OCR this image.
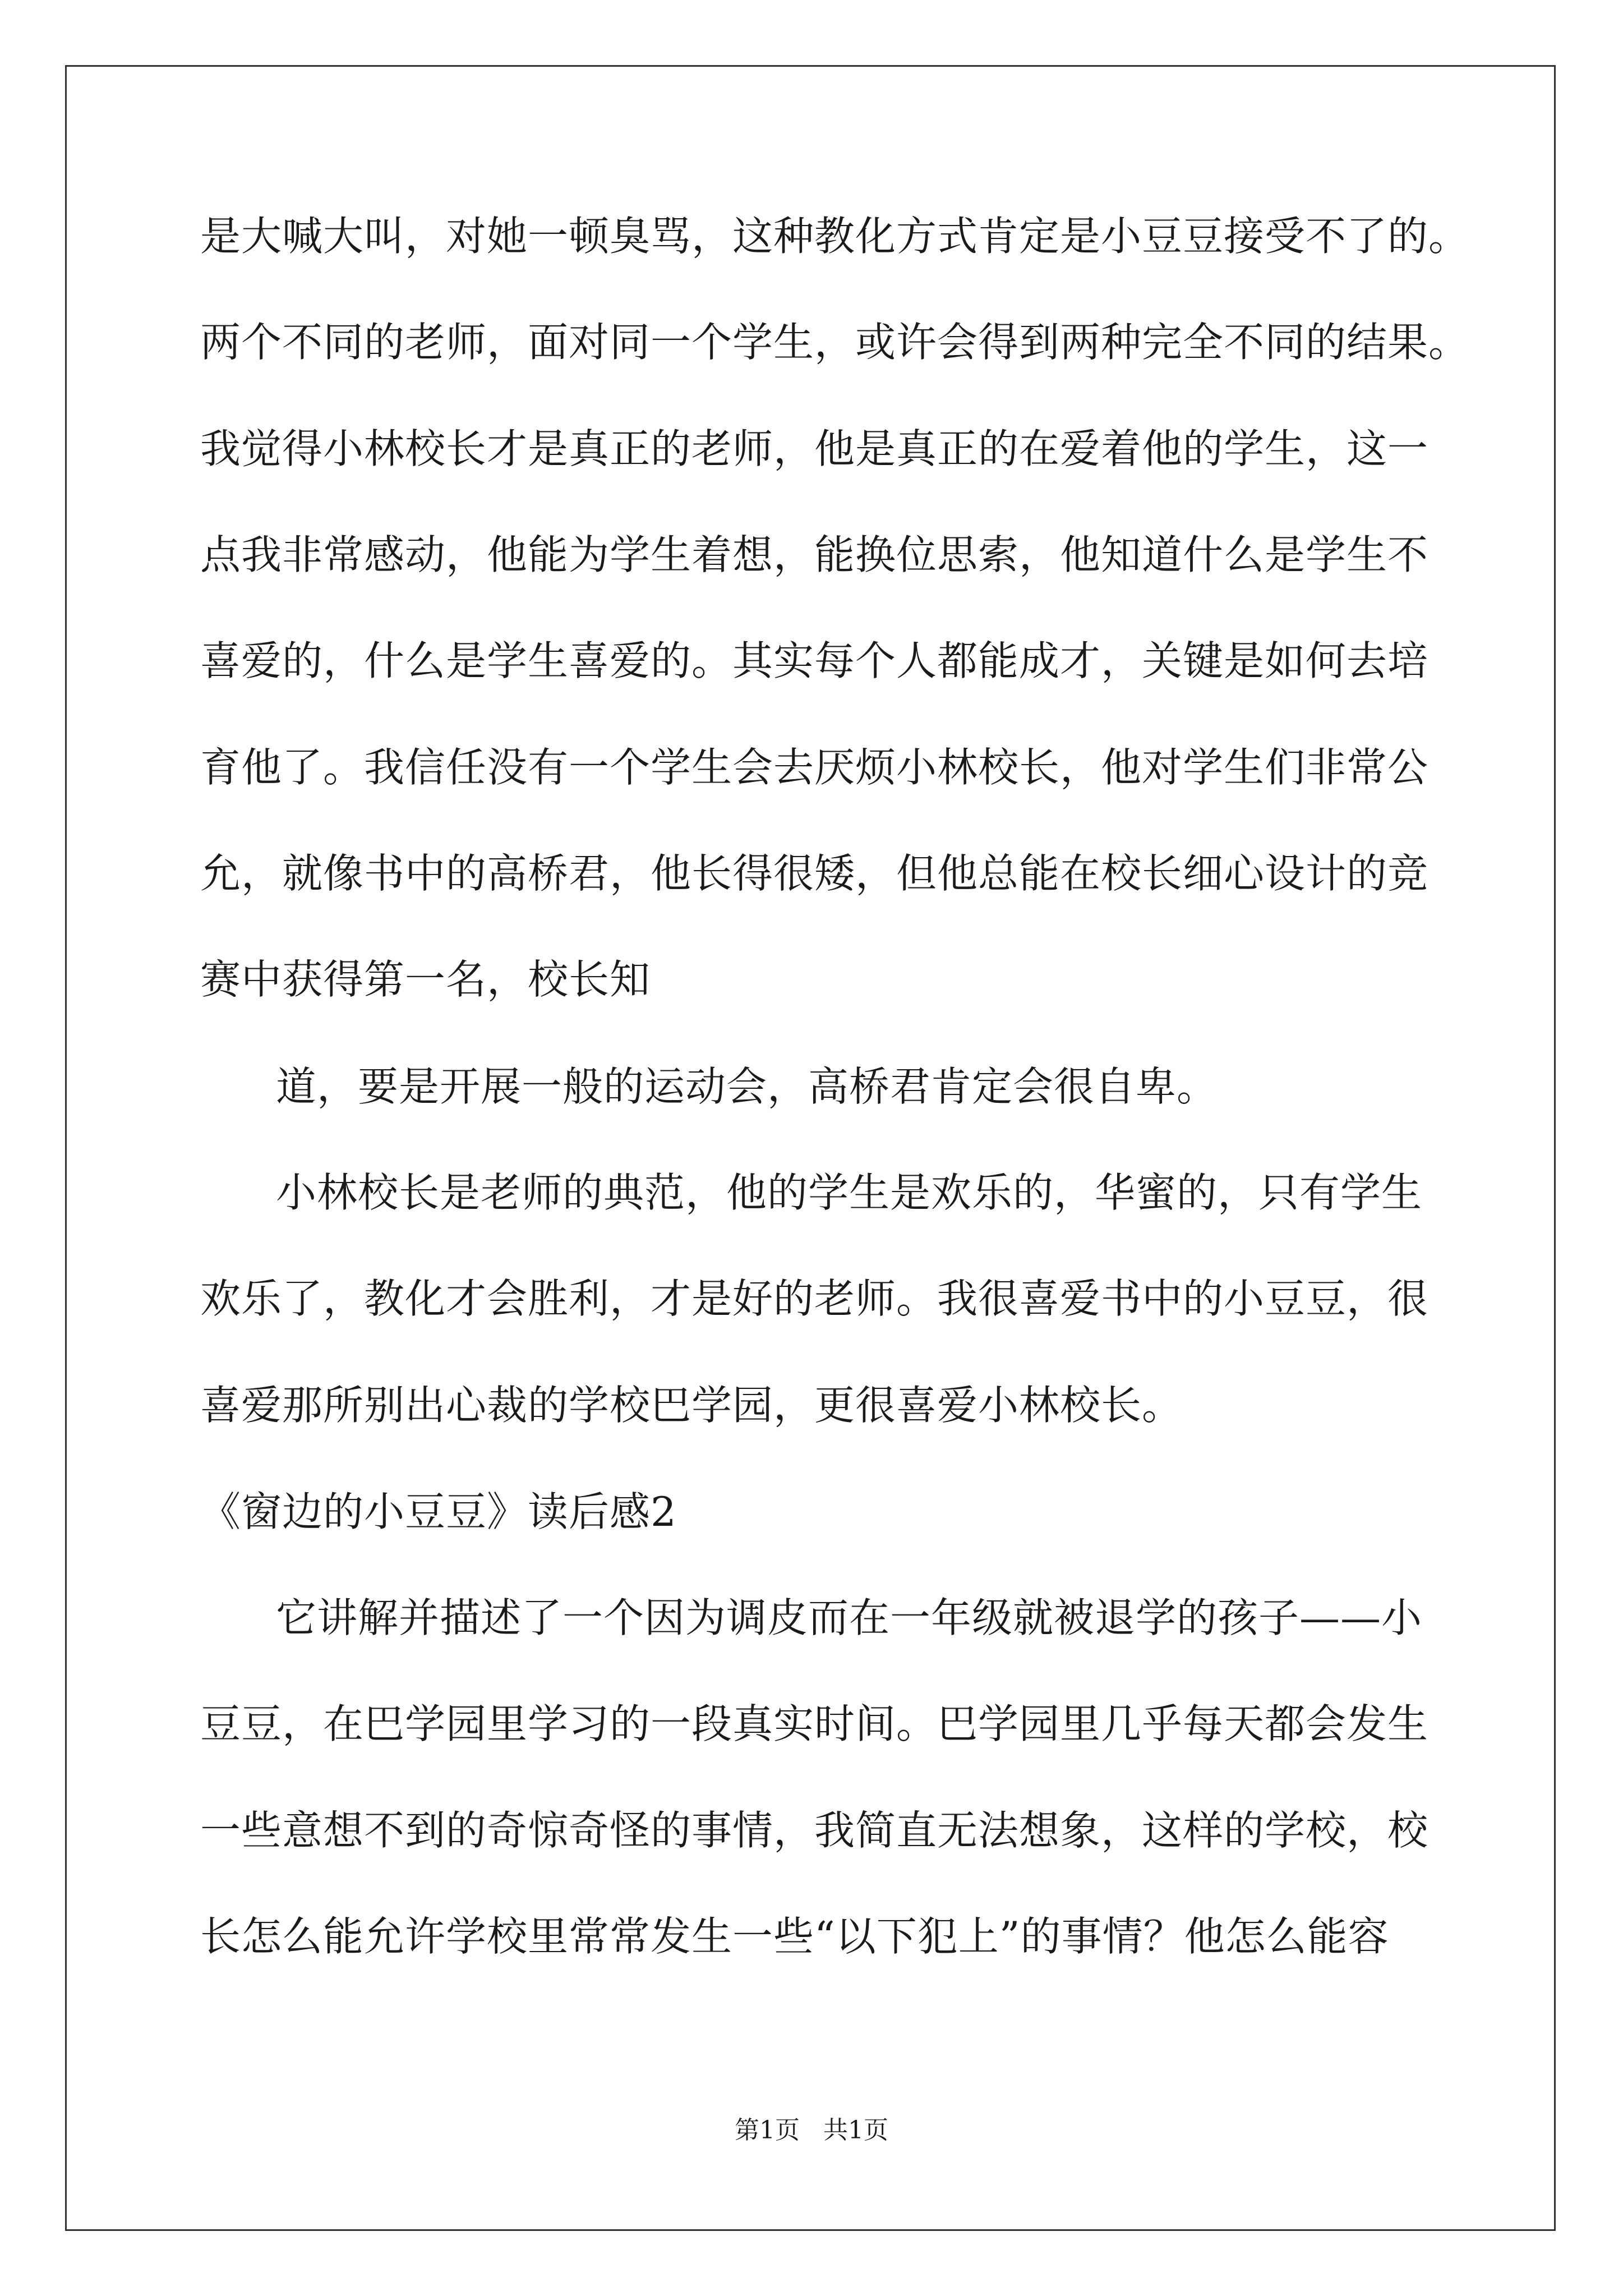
是大喊大叫，对她一顿臭骂，这种教化方式肯定是小豆豆接受不了的。
两个不同的老师，面对同一个学生，或许会得到两种完全不同的结果。
我觉得小林校长才是真正的老师，他是真正的在爱着他的学生，这一
点我非常感动，他能为学生着想，能换位思索，他知道什么是学生不
喜爱的，什么是学生喜爱的。其实每个人都能成才，关键是如何去培
育他了。我信任没有一个学生会去厌烦小林校长，他对学生们非常公
允，就像书中的高桥君，他长得很矮，但他总能在校长细心设计的竞
赛中获得第一名，校长知
道，要是开展一般的运动会，高桥君肯定会很自卑。
小林校长是老师的典范，他的学生是欢乐的，华蜜的，只有学生
欢乐了，教化才会胜利，才是好的老师。我很喜爱书中的小豆豆，很
喜爱那所别出心裁的学校巴学园，更很喜爱小林校长。
《窗边的小豆豆》读后感2
它讲解并描述了一个因为调皮而在一年级就被退学的孩子——小
豆豆，在巴学园里学习的一段真实时间。巴学园里几乎每天都会发生
一些意想不到的奇惊奇怪的事情，我简直无法想象，这样的学校，校
长怎么能允许学校里常常发生一些“以下犯上”的事情？他怎么能容
第1页   共1页
